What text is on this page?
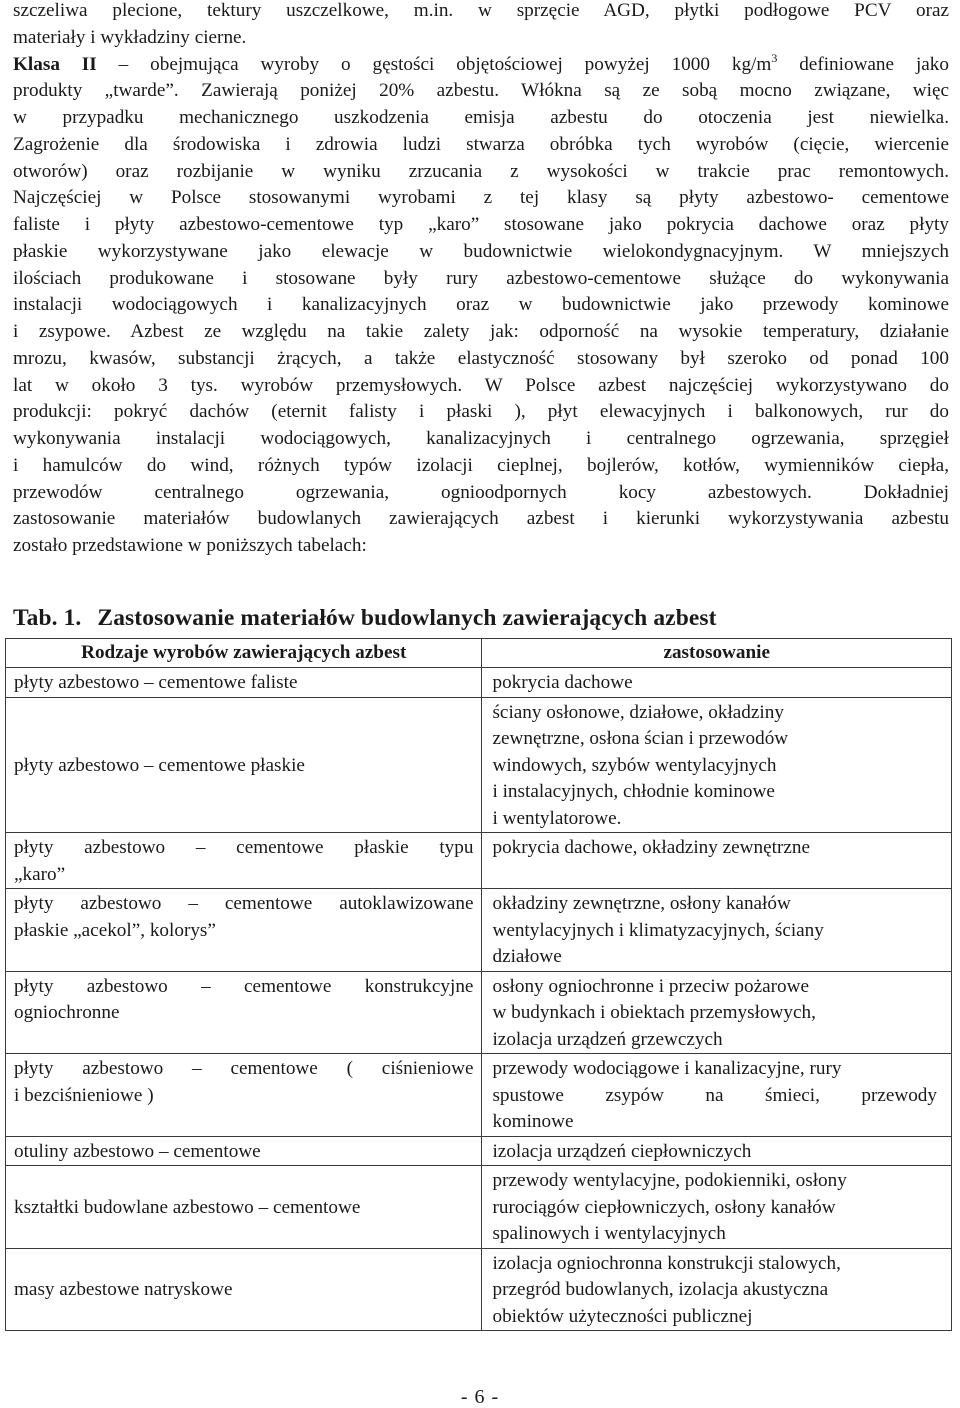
szczeliwa plecione, tektury uszczelkowe, m.in. w sprzęcie AGD, płytki podłogowe PCV oraz

materiały i wykładziny cierne.

Klasa II – obejmująca wyroby o gęstości objętościowej powyżej 1000 $kg/m^3$ definiowane jako

produkty „twarde”. Zawierają poniżej 20% azbestu. Włókna są ze sobą mocno związane, więc

w przypadku mechanicznego uszkodzenia emisja azbestu do otoczenia jest niewielka.

Zagrożenie dla środowiska i zdrowia ludzi stwarza obróbka tych wyrobów (cięcie, wiercenie

otworów) oraz rozbijanie w wyniku zrzucania z wysokości w trakcie prac remontowych.

Najczęściej w Polsce stosowanymi wyrobami z tej klasy są płyty azbestowo- cementowe

faliste i płyty azbestowo-cementowe typ „karo” stosowane jako pokrycia dachowe oraz płyty

płaskie wykorzystywane jako elewacje w budownictwie wielokondygnacyjnym. W mniejszych

ilościach produkowane i stosowane były rury azbestowo-cementowe służące do wykonywania

instalacji wodociągowych i kanalizacyjnych oraz w budownictwie jako przewody kominowe

i zsypowe. Azbest ze względu na takie zalety jak: odporność na wysokie temperatury, działanie

mrozu, kwasów, substancji żrących, a także elastyczność stosowany był szeroko od ponad 100

lat w około 3 tys. wyrobów przemysłowych. W Polsce azbest najczęściej wykorzystywano do

produkcji: pokryć dachów (eternit falisty i płaski ), płyt elewacyjnych i balkonowych, rur do

wykonywania instalacji wodociągowych, kanalizacyjnych i centralnego ogrzewania, sprzęgieł

i hamulców do wind, różnych typów izolacji cieplnej, bojlerów, kotłów, wymienników ciepła,

przewodów centralnego ogrzewania, ognioodpornych kocy azbestowych. Dokładniej

zastosowanie materiałów budowlanych zawierających azbest i kierunki wykorzystywania azbestu

zostało przedstawione w poniższych tabelach:

Tab. 1. Zastosowanie materiałów budowlanych zawierających azbest
Rodzaje wyrobów zawierających azbest	zastosowanie

płyty azbestowo – cementowe faliste	pokrycia dachowe

płyty azbestowo – cementowe płaskie	ściany osłonowe, działowe, okładziny
zewnętrzne, osłona ścian i przewodów
windowych, szybów wentylacyjnych
i instalacyjnych, chłodnie kominowe
i wentylatorowe.

płyty azbestowo – cementowe płaskie typu
„karo”	pokrycia dachowe, okładziny zewnętrzne

płyty azbestowo – cementowe autoklawizowane
płaskie „acekol”, kolorys”	okładziny zewnętrzne, osłony kanałów
wentylacyjnych i klimatyzacyjnych, ściany
działowe

płyty azbestowo – cementowe konstrukcyjne
ogniochronne	osłony ogniochronne i przeciw pożarowe
w budynkach i obiektach przemysłowych,
izolacja urządzeń grzewczych

płyty azbestowo – cementowe ( ciśnieniowe
i bezciśnieniowe )	przewody wodociągowe i kanalizacyjne, rury
spustowe zsypów na śmieci, przewody
kominowe

otuliny azbestowo – cementowe	izolacja urządzeń ciepłowniczych

kształtki budowlane azbestowo – cementowe	przewody wentylacyjne, podokienniki, osłony
rurociągów ciepłowniczych, osłony kanałów
spalinowych i wentylacyjnych

masy azbestowe natryskowe	izolacja ogniochronna konstrukcji stalowych,
przegród budowlanych, izolacja akustyczna
obiektów użyteczności publicznej
- 6 -
